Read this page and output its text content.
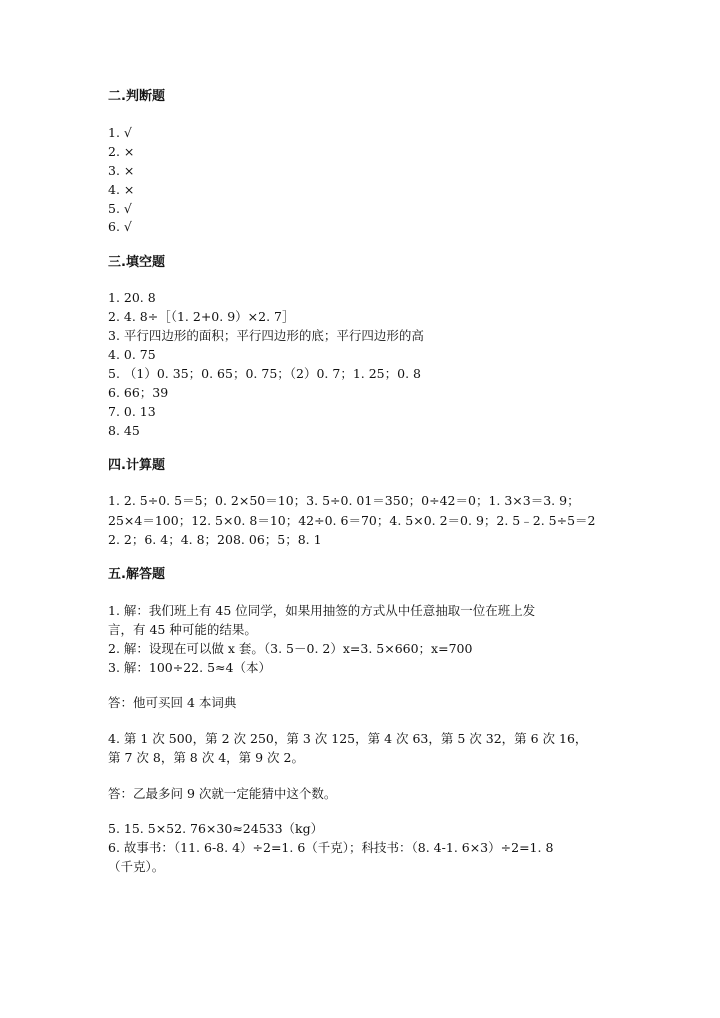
二.判断题
1. √
2. ×
3. ×
4. ×
5. √
6. √
三.填空题
1. 20. 8
2. 4. 8÷［（1. 2+0. 9）×2. 7］
3. 平行四边形的面积；平行四边形的底；平行四边形的高
4. 0. 75
5. （1）0. 35；0. 65；0. 75；（2）0. 7；1. 25；0. 8
6. 66；39
7. 0. 13
8. 45
四.计算题
1. 2. 5÷0. 5＝5；0. 2×50＝10；3. 5÷0. 01＝350；0÷42＝0；1. 3×3＝3. 9；
25×4＝100；12. 5×0. 8＝10；42÷0. 6＝70；4. 5×0. 2＝0. 9；2. 5﹣2. 5÷5＝2
2. 2；6. 4；4. 8；208. 06；5；8. 1
五.解答题
1. 解：我们班上有 45 位同学，如果用抽签的方式从中任意抽取一位在班上发
言，有 45 种可能的结果。
2. 解：设现在可以做 x 套。（3. 5－0. 2）x=3. 5×660；x=700
3. 解：100÷22. 5≈4（本）
答：他可买回 4 本词典
4. 第 1 次 500，第 2 次 250，第 3 次 125，第 4 次 63，第 5 次 32，第 6 次 16，
第 7 次 8，第 8 次 4，第 9 次 2。
答：乙最多问 9 次就一定能猜中这个数。
5. 15. 5×52. 76×30≈24533（kg）
6. 故事书：（11. 6-8. 4）÷2=1. 6（千克）；科技书：（8. 4-1. 6×3）÷2=1. 8
（千克）。
